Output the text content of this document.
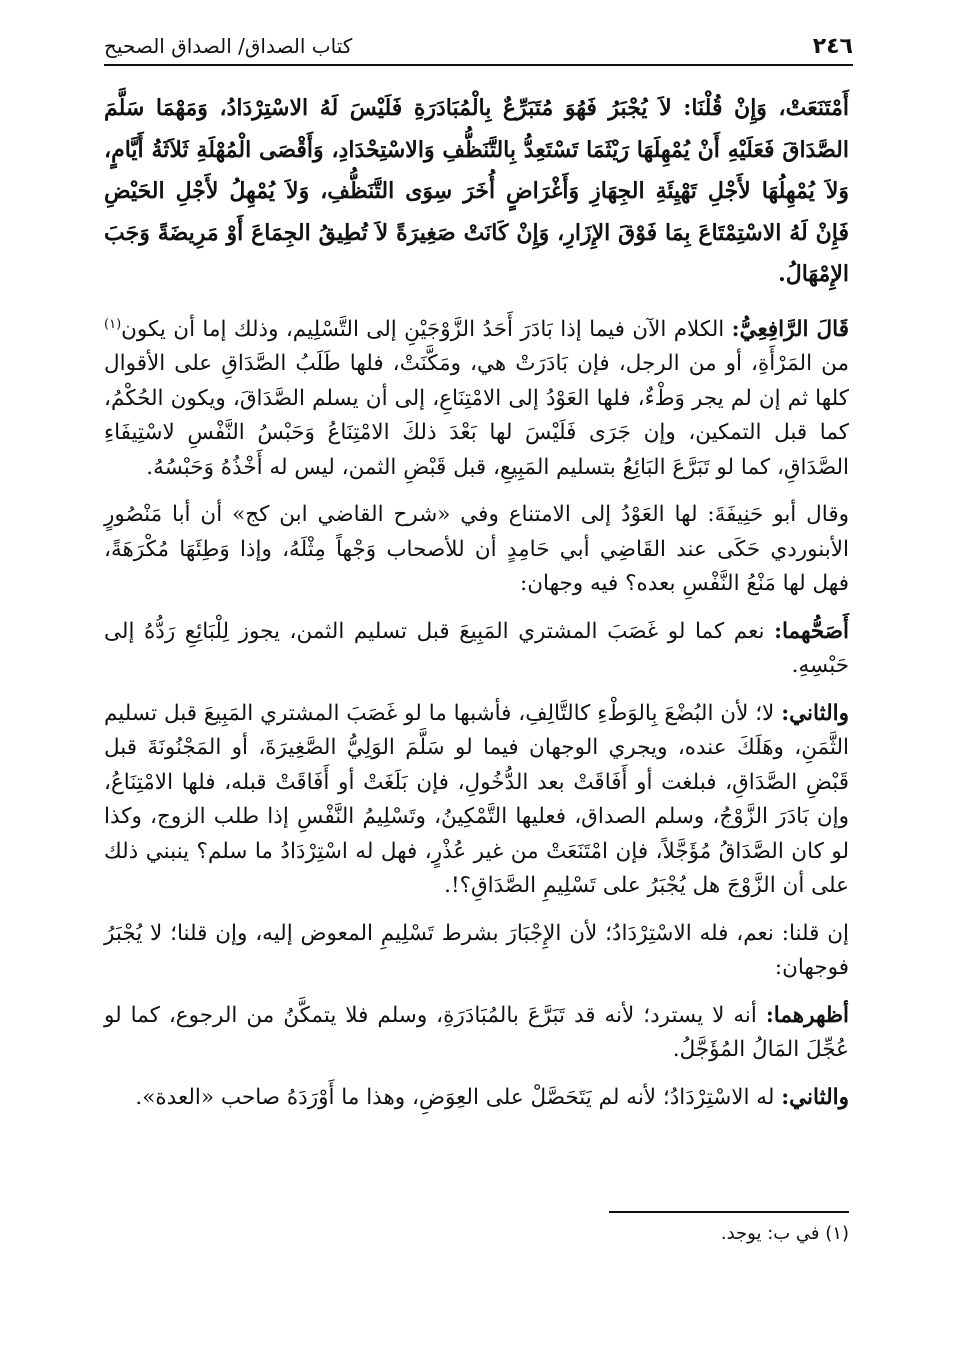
٢٤٦
كتاب الصداق/ الصداق الصحيح

أَمْتَنَعَتْ، وَإِنْ قُلْنَا: لاَ يُجْبَرُ فَهُوَ مُتَبَرِّعٌ بِالْمُبَادَرَةِ فَلَيْسَ لَهُ الاسْتِرْدَادُ، وَمَهْمَا سَلَّمَ الصَّدَاقَ فَعَلَيْهِ أَنْ يُمْهِلَهَا رَيْثَمَا تَسْتَعِدُّ بِالتَّنَظُّفِ وَالاسْتِحْدَادِ، وَأَقْصَى الْمُهْلَةِ ثَلاَثَةُ أَيَّامٍ، وَلاَ يُمْهِلُهَا لأَجْلِ تَهْيِئَةِ الجِهَازِ وَأَغْرَاضٍ أُخَرَ سِوَى التَّنَظُّفِ، وَلاَ يُمْهِلُ لأَجْلِ الحَيْضِ فَإِنْ لَهُ الاسْتِمْتَاعَ بِمَا فَوْقَ الإِزَارِ، وَإِنْ كَانَتْ صَغِيرَةً لاَ تُطِيقُ الجِمَاعَ أَوْ مَرِيضَةً وَجَبَ الإِمْهَالُ.

قَالَ الرَّافِعِيُّ: الكلام الآن فيما إذا بَادَرَ أَحَدُ الزَّوْجَيْنِ إلى التَّسْلِيم، وذلك إما أن يكون$^{(١)}$ من المَرْأَةِ، أو من الرجل، فإن بَادَرَتْ هي، ومَكَّنَتْ، فلها طَلَبُ الصَّدَاقِ على الأقوال كلها ثم إن لم يجر وَطْءٌ، فلها العَوْدُ إلى الامْتِنَاعِ، إلى أن يسلم الصَّدَاقَ، ويكون الحُكْمُ، كما قبل التمكين، وإن جَرَى فَلَيْسَ لها بَعْدَ ذلكَ الامْتِنَاعُ وَحَبْسُ النَّفْسِ لاسْتِيفَاءِ الصَّدَاقِ، كما لو تَبَرَّعَ البَائِعُ بتسليم المَبِيعِ، قبل قَبْضِ الثمن، ليس له أَخْذُهُ وَحَبْسُهُ.

وقال أبو حَنِيفَةَ: لها العَوْدُ إلى الامتناع وفي «شرح القاضي ابن كج» أن أبا مَنْصُورٍ الأبنوردي حَكَى عند القَاضِي أبي حَامِدٍ أن للأصحاب وَجْهاً مِثْلَهُ، وإذا وَطِئَهَا مُكْرَهَةً، فهل لها مَنْعُ النَّفْسِ بعده؟ فيه وجهان:

أَصَحُّهما: نعم كما لو غَصَبَ المشتري المَبِيعَ قبل تسليم الثمن، يجوز لِلْبَائِعِ رَدُّهُ إلى حَبْسِهِ.

والثاني: لا؛ لأن البُضْعَ بِالوَطْءِ كالتَّالِفِ، فأشبها ما لو غَصَبَ المشتري المَبِيعَ قبل تسليم الثَّمَنِ، وهَلَكَ عنده، ويجري الوجهان فيما لو سَلَّمَ الوَلِيُّ الصَّغِيرَةَ، أو المَجْنُونَةَ قبل قَبْضِ الصَّدَاقِ، فبلغت أو أَفَاقَتْ بعد الدُّخُولِ، فإن بَلَغَتْ أو أَفَاقَتْ قبله، فلها الامْتِنَاعُ، وإن بَادَرَ الزَّوْجُ، وسلم الصداق، فعليها التَّمْكِينُ، وتَسْلِيمُ النَّفْسِ إذا طلب الزوج، وكذا لو كان الصَّدَاقُ مُؤَجَّلاً، فإن امْتَنَعَتْ من غير عُذْرٍ، فهل له اسْتِرْدَادُ ما سلم؟ ينبني ذلك على أن الزَّوْجَ هل يُجْبَرُ على تَسْلِيمِ الصَّدَاقِ؟!.

إن قلنا: نعم، فله الاسْتِرْدَادُ؛ لأن الإِجْبَارَ بشرط تَسْلِيمِ المعوض إليه، وإن قلنا؛ لا يُجْبَرُ فوجهان:

أظهرهما: أنه لا يسترد؛ لأنه قد تَبَرَّعَ بالمُبَادَرَةِ، وسلم فلا يتمكَّنُ من الرجوع، كما لو عُجِّلَ المَالُ المُؤَجَّلُ.

والثاني: له الاسْتِرْدَادُ؛ لأنه لم يَتَحَصَّلْ على العِوَضِ، وهذا ما أَوْرَدَهُ صاحب «العدة».

(١) في ب: يوجد.
